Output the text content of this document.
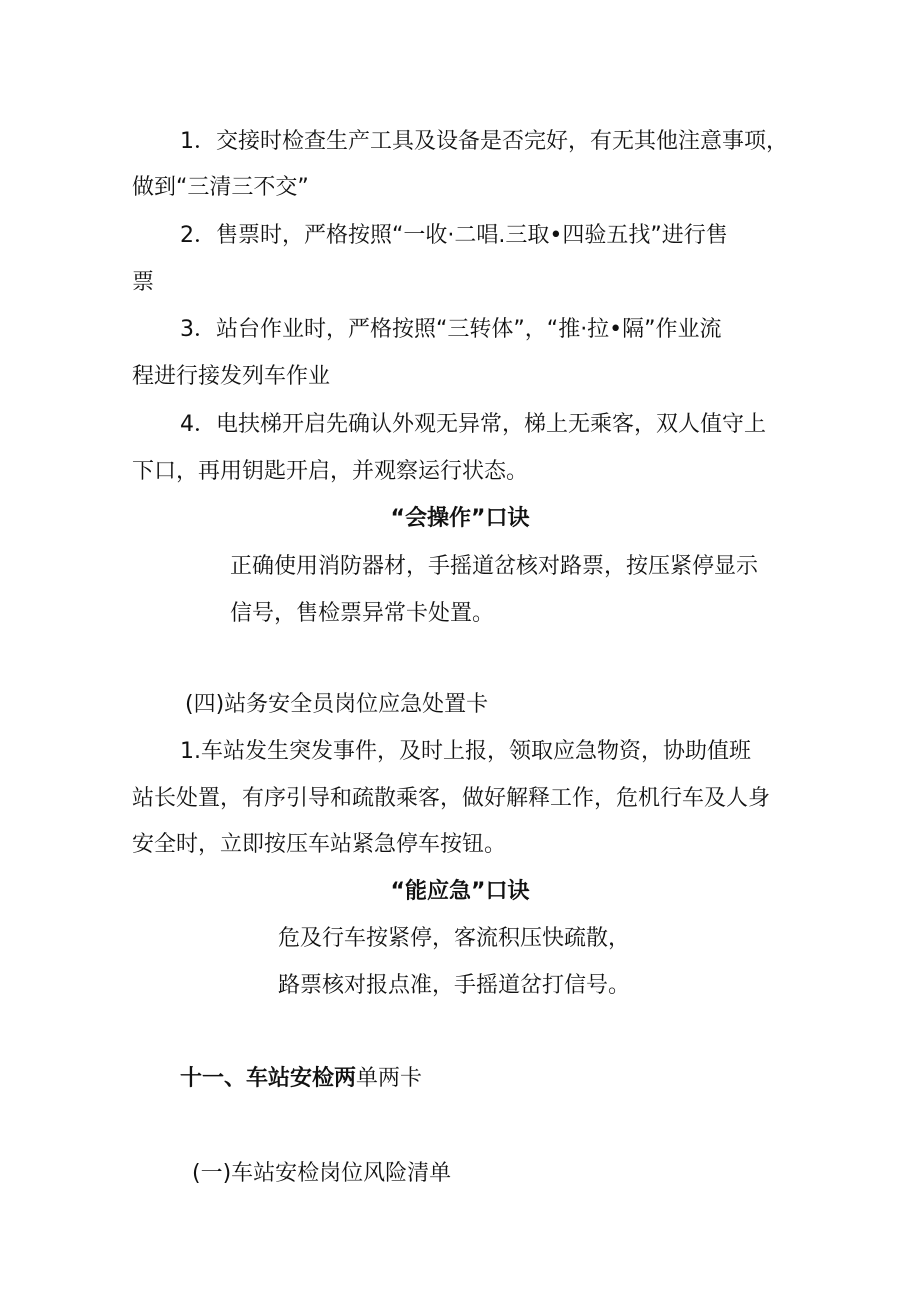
1．交接时检查生产工具及设备是否完好，有无其他注意事项，
做到“三清三不交”
2．售票时，严格按照“一收·二唱.三取•四验五找”进行售
票
3．站台作业时，严格按照“三转体”，“推·拉•隔”作业流
程进行接发列车作业
4．电扶梯开启先确认外观无异常，梯上无乘客，双人值守上
下口，再用钥匙开启，并观察运行状态。
“会操作”口诀
正确使用消防器材，手摇道岔核对路票，按压紧停显示
信号，售检票异常卡处置。
(四)站务安全员岗位应急处置卡
1.车站发生突发事件，及时上报，领取应急物资，协助值班
站长处置，有序引导和疏散乘客，做好解释工作，危机行车及人身
安全时，立即按压车站紧急停车按钮。
“能应急”口诀
危及行车按紧停，客流积压快疏散，
路票核对报点准，手摇道岔打信号。
十一、车站安检两单两卡
(一)车站安检岗位风险清单
